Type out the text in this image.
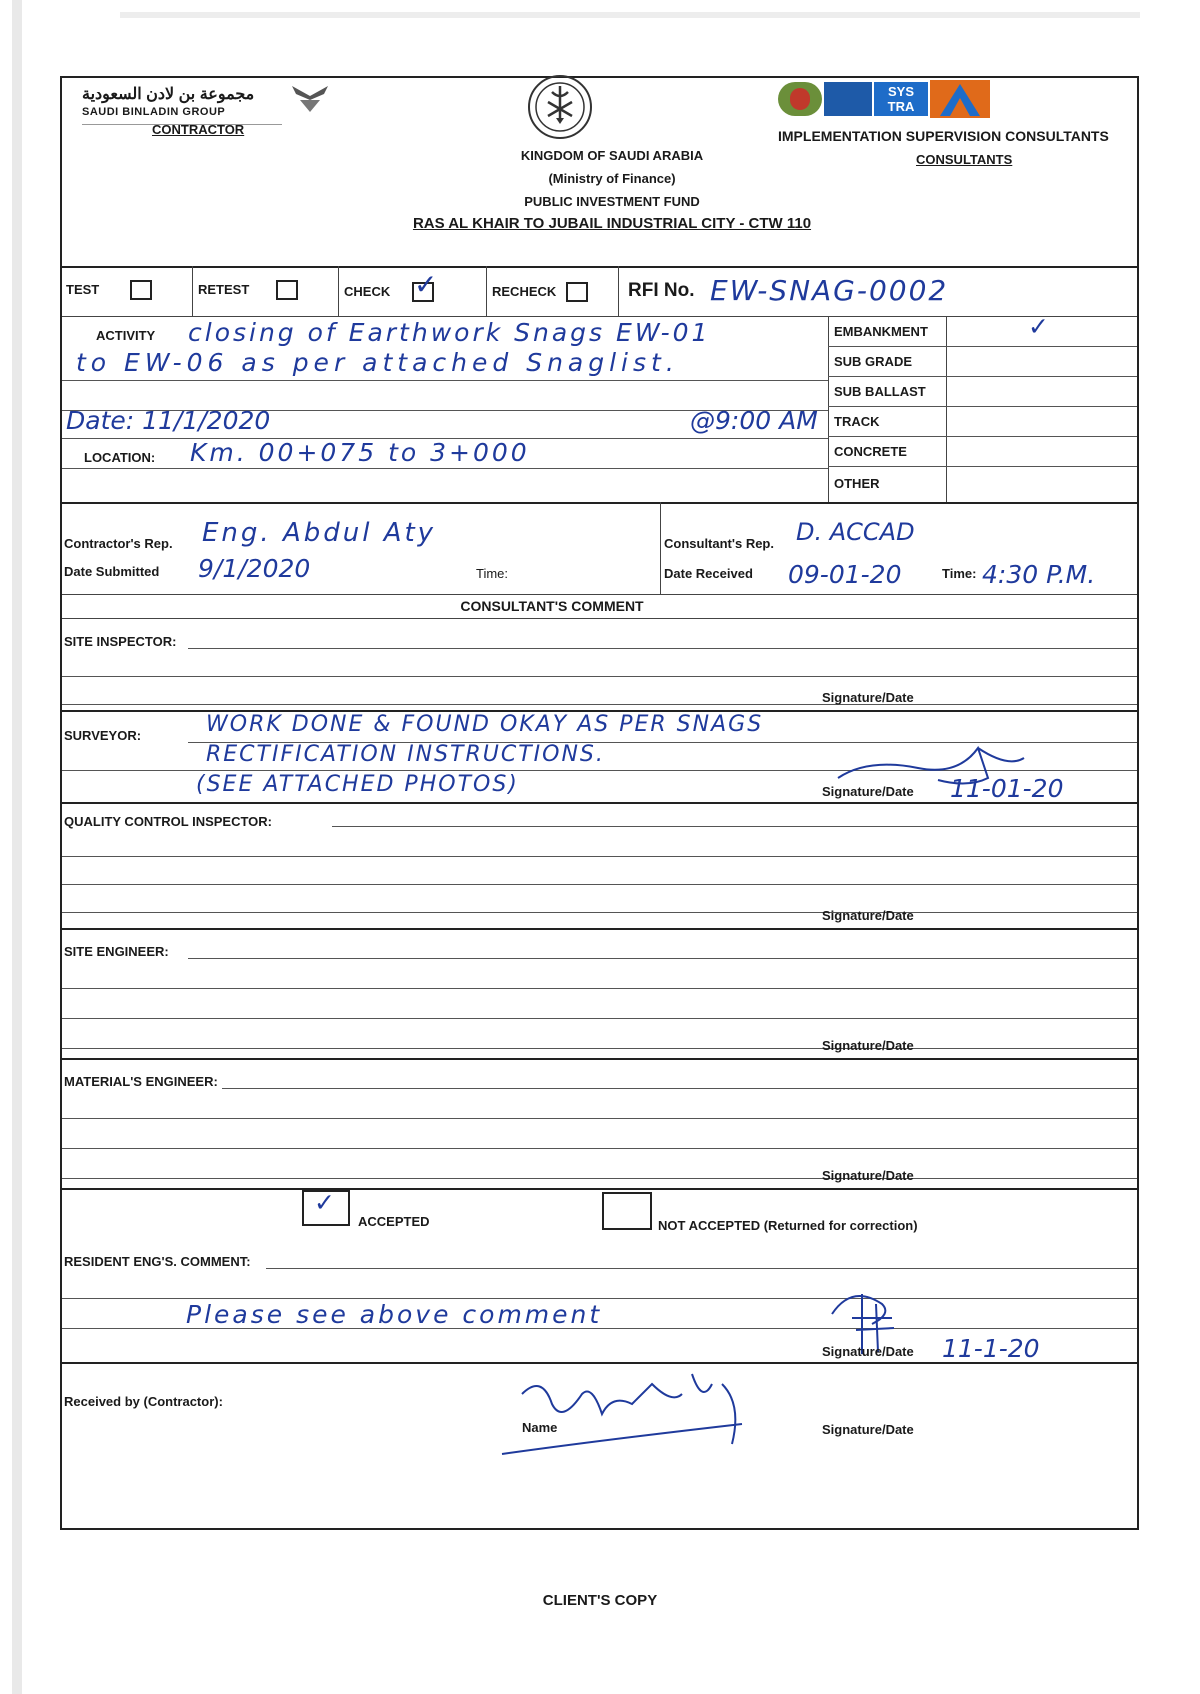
مجموعة بن لادن السعودية
SAUDI BINLADIN GROUP
CONTRACTOR
SYS
TRA
IMPLEMENTATION SUPERVISION CONSULTANTS
CONSULTANTS
KINGDOM OF SAUDI ARABIA
(Ministry of Finance)
PUBLIC INVESTMENT FUND
RAS AL KHAIR TO JUBAIL INDUSTRIAL CITY - CTW 110
TEST	RETEST	CHECK ✓	RECHECK	RFI No. EW-SNAG-0002
ACTIVITY closing of Earthwork Snags EW-01
to EW-06 as per attached Snaglist.
Date: 11/1/2020	@9:00 AM
LOCATION: Km. 00+075 to 3+000
EMBANKMENT	✓
SUB GRADE
SUB BALLAST
TRACK
CONCRETE
OTHER
Contractor's Rep. Eng. Abdul Aty
Date Submitted 9/1/2020	Time:
Consultant's Rep. D. ACCAD
Date Received 09-01-20	Time: 4:30 P.M.
CONSULTANT'S COMMENT
SITE INSPECTOR:
Signature/Date
SURVEYOR:	WORK DONE & FOUND OKAY AS PER SNAGS
RECTIFICATION INSTRUCTIONS.
(SEE ATTACHED PHOTOS)	Signature/Date 11-01-20
QUALITY CONTROL INSPECTOR:
Signature/Date
SITE ENGINEER:
Signature/Date
MATERIAL'S ENGINEER:
Signature/Date
✓
ACCEPTED	NOT ACCEPTED (Returned for correction)
RESIDENT ENG'S. COMMENT:
Please see above comment
Signature/Date 11-1-20
Received by (Contractor):
Name	Signature/Date
CLIENT'S COPY
